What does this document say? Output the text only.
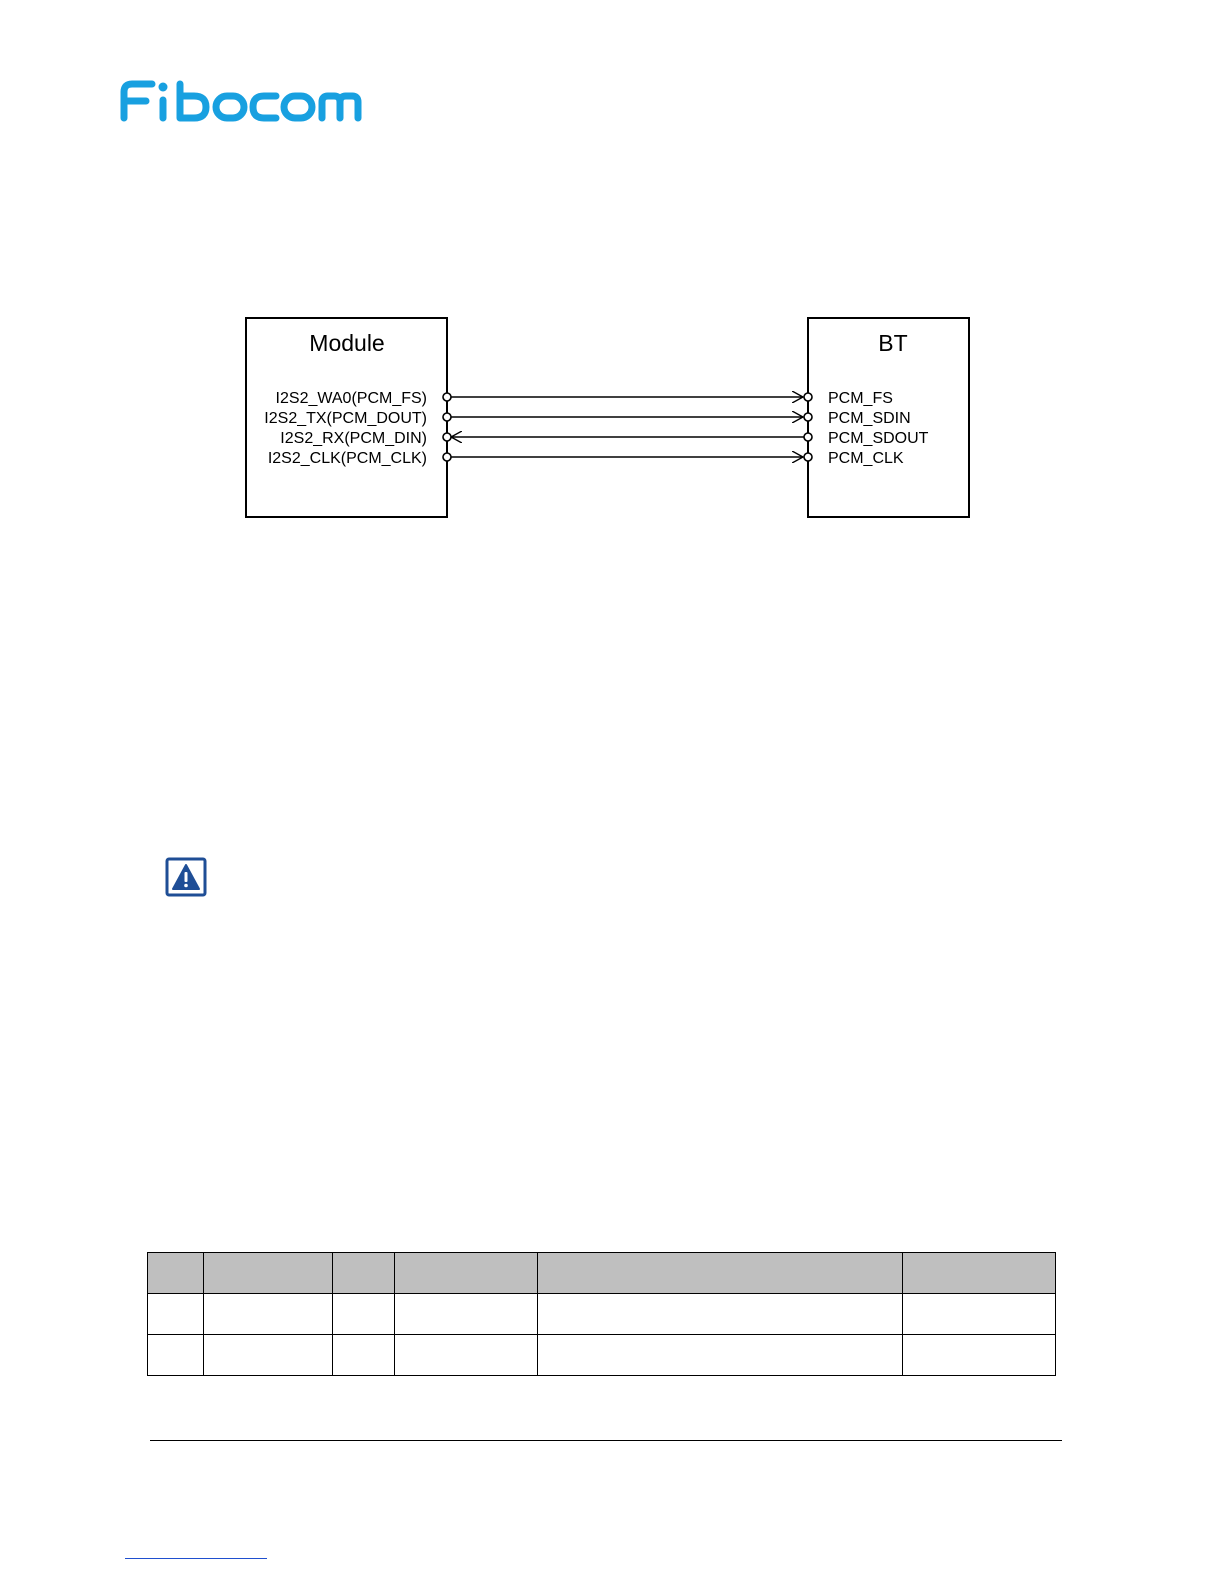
Module	BT
I2S2_WA0(PCM_FS)
I2S2_TX(PCM_DOUT)
I2S2_RX(PCM_DIN)
I2S2_CLK(PCM_CLK)
PCM_FS
PCM_SDIN
PCM_SDOUT
PCM_CLK
